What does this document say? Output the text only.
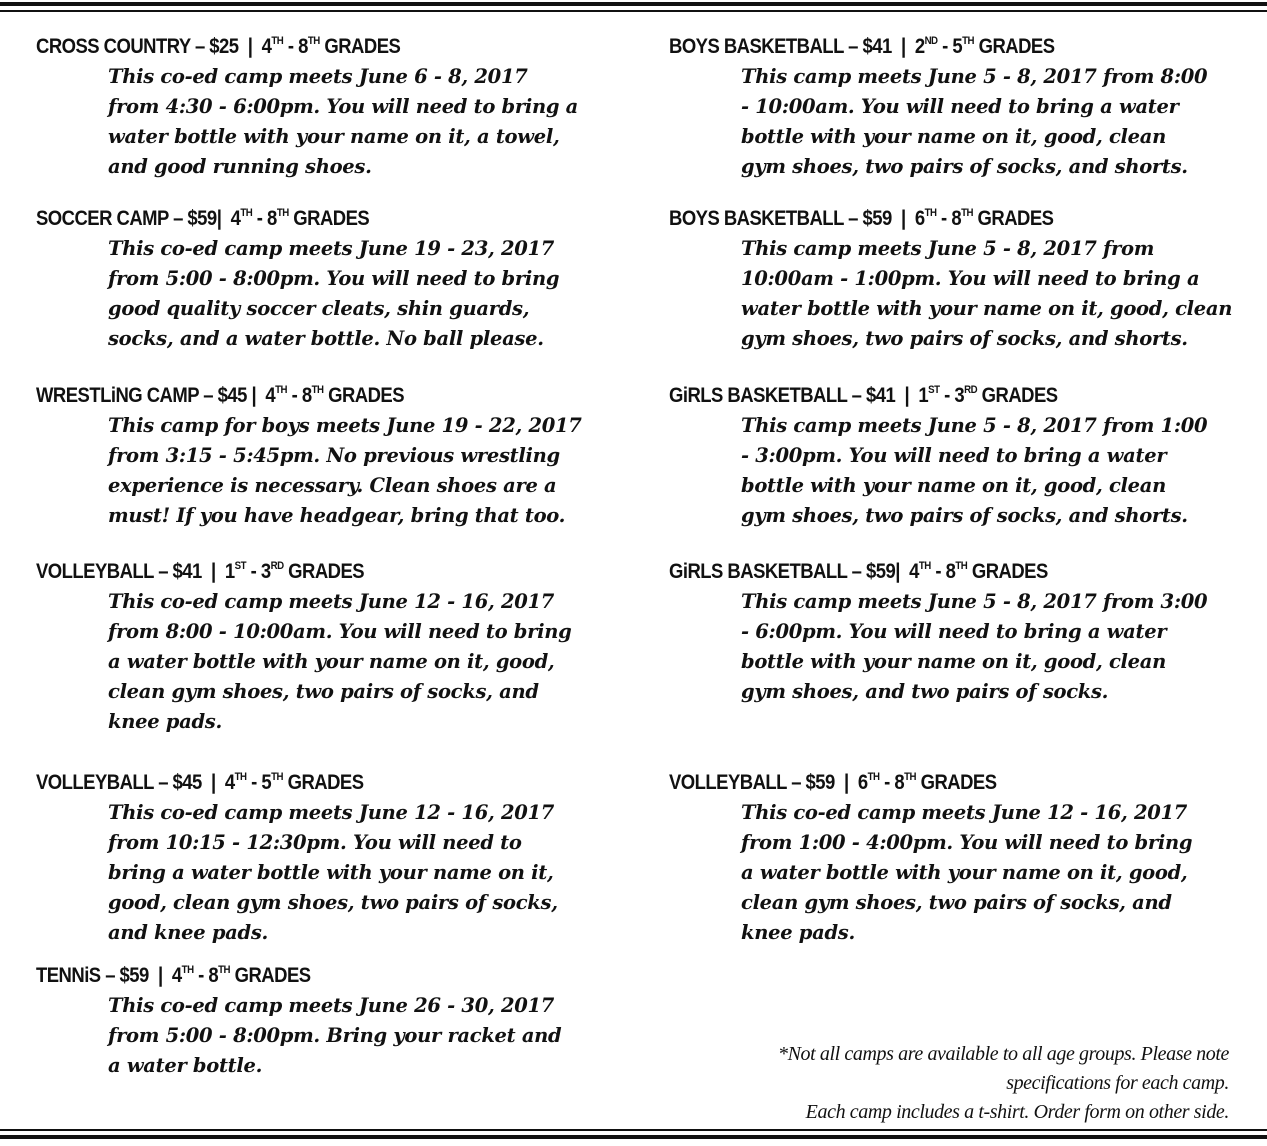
CROSS COUNTRY – $25 | 4TH - 8TH GRADES
This co-ed camp meets June 6 - 8, 2017
from 4:30 - 6:00pm. You will need to bring a
water bottle with your name on it, a towel,
and good running shoes.
SOCCER CAMP – $59| 4TH - 8TH GRADES
This co-ed camp meets June 19 - 23, 2017
from 5:00 - 8:00pm. You will need to bring
good quality soccer cleats, shin guards,
socks, and a water bottle. No ball please.
WRESTLiNG CAMP – $45 | 4TH - 8TH GRADES
This camp for boys meets June 19 - 22, 2017
from 3:15 - 5:45pm. No previous wrestling
experience is necessary. Clean shoes are a
must! If you have headgear, bring that too.
VOLLEYBALL – $41 | 1ST - 3RD GRADES
This co-ed camp meets June 12 - 16, 2017
from 8:00 - 10:00am. You will need to bring
a water bottle with your name on it, good,
clean gym shoes, two pairs of socks, and
knee pads.
VOLLEYBALL – $45 | 4TH - 5TH GRADES
This co-ed camp meets June 12 - 16, 2017
from 10:15 - 12:30pm. You will need to
bring a water bottle with your name on it,
good, clean gym shoes, two pairs of socks,
and knee pads.
TENNiS – $59 | 4TH - 8TH GRADES
This co-ed camp meets June 26 - 30, 2017
from 5:00 - 8:00pm. Bring your racket and
a water bottle.
BOYS BASKETBALL – $41 | 2ND - 5TH GRADES
This camp meets June 5 - 8, 2017 from 8:00
- 10:00am. You will need to bring a water
bottle with your name on it, good, clean
gym shoes, two pairs of socks, and shorts.
BOYS BASKETBALL – $59 | 6TH - 8TH GRADES
This camp meets June 5 - 8, 2017 from
10:00am - 1:00pm. You will need to bring a
water bottle with your name on it, good, clean
gym shoes, two pairs of socks, and shorts.
GiRLS BASKETBALL – $41 | 1ST - 3RD GRADES
This camp meets June 5 - 8, 2017 from 1:00
- 3:00pm. You will need to bring a water
bottle with your name on it, good, clean
gym shoes, two pairs of socks, and shorts.
GiRLS BASKETBALL – $59| 4TH - 8TH GRADES
This camp meets June 5 - 8, 2017 from 3:00
- 6:00pm. You will need to bring a water
bottle with your name on it, good, clean
gym shoes, and two pairs of socks.
VOLLEYBALL – $59 | 6TH - 8TH GRADES
This co-ed camp meets June 12 - 16, 2017
from 1:00 - 4:00pm. You will need to bring
a water bottle with your name on it, good,
clean gym shoes, two pairs of socks, and
knee pads.
*Not all camps are available to all age groups. Please note
specifications for each camp.
Each camp includes a t-shirt. Order form on other side.
